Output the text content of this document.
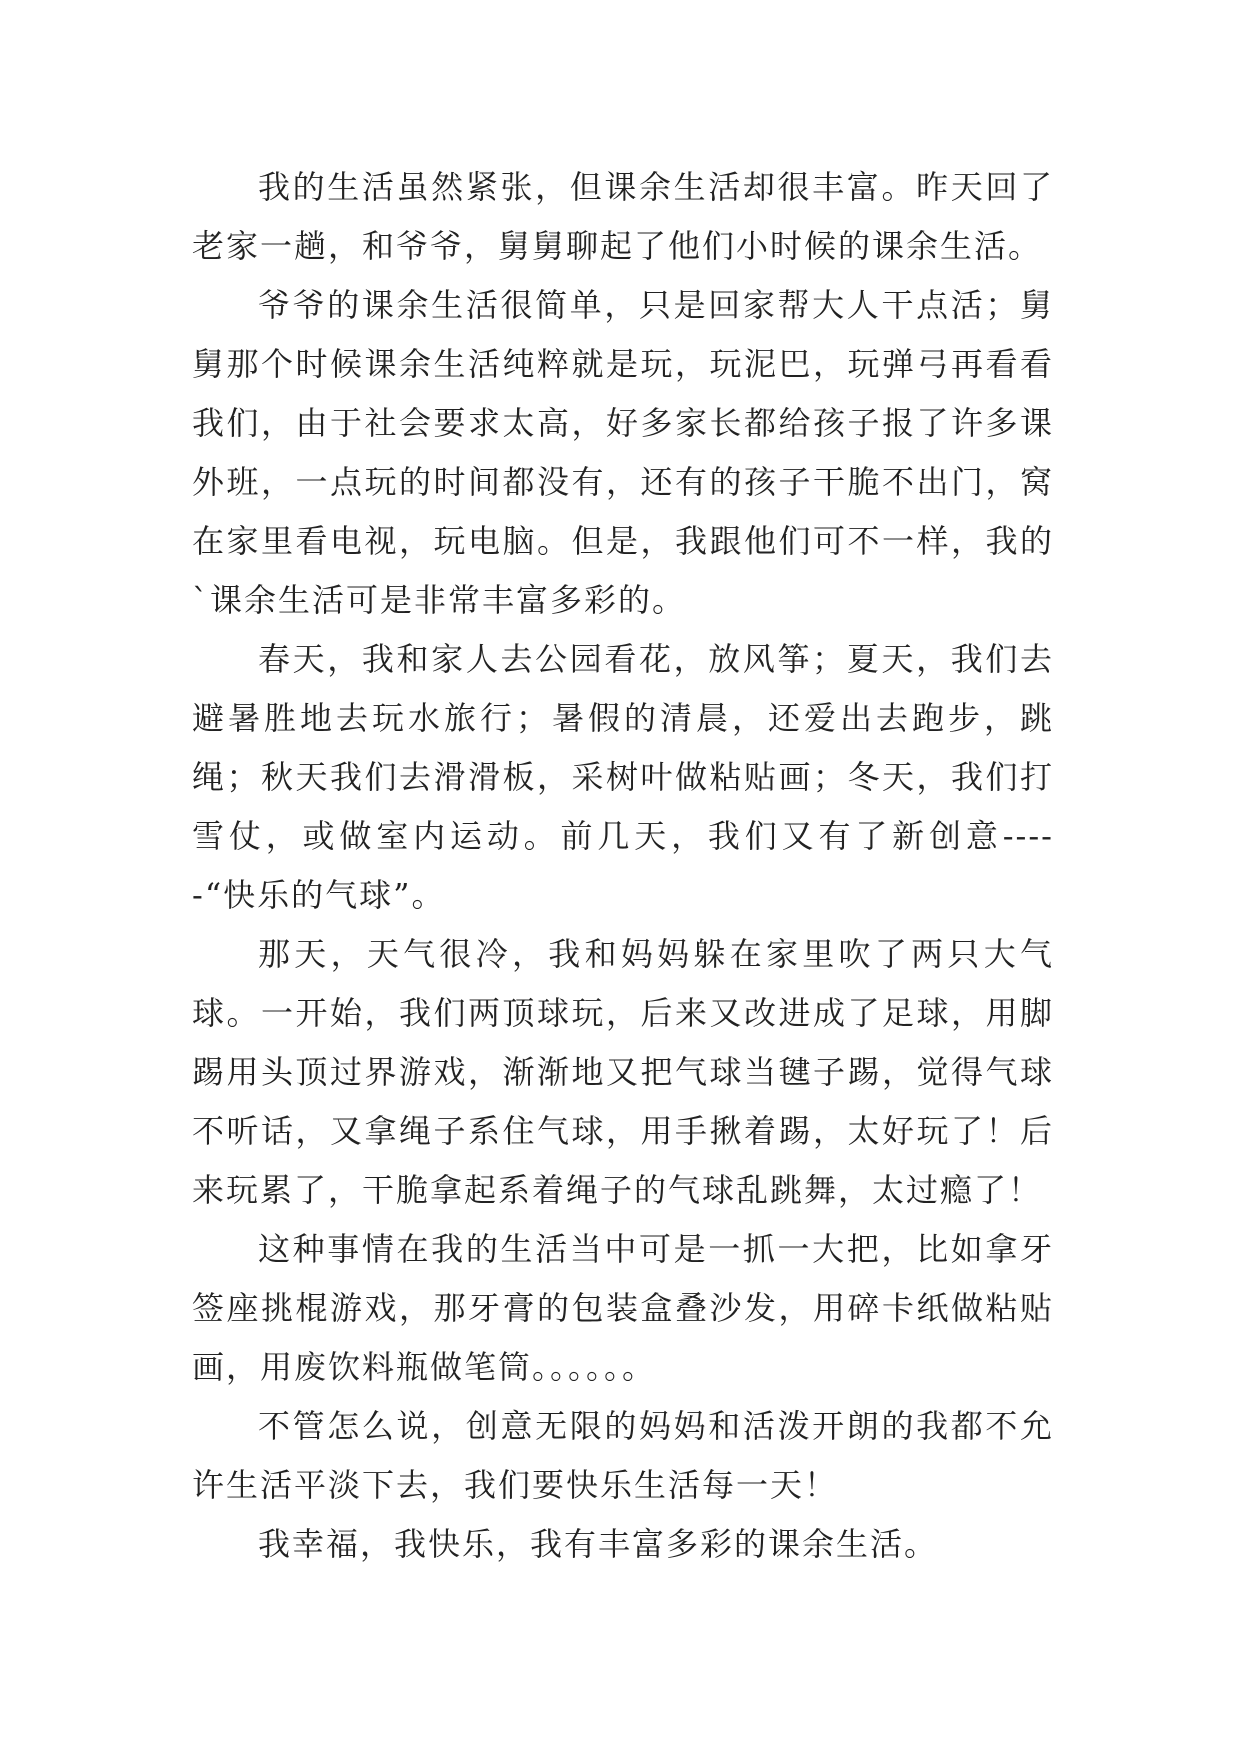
我的生活虽然紧张，但课余生活却很丰富。昨天回了老家一趟，和爷爷，舅舅聊起了他们小时候的课余生活。

爷爷的课余生活很简单，只是回家帮大人干点活；舅舅那个时候课余生活纯粹就是玩，玩泥巴，玩弹弓再看看我们，由于社会要求太高，好多家长都给孩子报了许多课外班，一点玩的时间都没有，还有的孩子干脆不出门，窝在家里看电视，玩电脑。但是，我跟他们可不一样，我的`课余生活可是非常丰富多彩的。

春天，我和家人去公园看花，放风筝；夏天，我们去避暑胜地去玩水旅行；暑假的清晨，还爱出去跑步，跳绳；秋天我们去滑滑板，采树叶做粘贴画；冬天，我们打雪仗，或做室内运动。前几天，我们又有了新创意-----“快乐的气球”。

那天，天气很冷，我和妈妈躲在家里吹了两只大气球。一开始，我们两顶球玩，后来又改进成了足球，用脚踢用头顶过界游戏，渐渐地又把气球当毽子踢，觉得气球不听话，又拿绳子系住气球，用手揪着踢，太好玩了！后来玩累了，干脆拿起系着绳子的气球乱跳舞，太过瘾了！

这种事情在我的生活当中可是一抓一大把，比如拿牙签座挑棍游戏，那牙膏的包装盒叠沙发，用碎卡纸做粘贴画，用废饮料瓶做笔筒。。。。。。

不管怎么说，创意无限的妈妈和活泼开朗的我都不允许生活平淡下去，我们要快乐生活每一天！

我幸福，我快乐，我有丰富多彩的课余生活。
